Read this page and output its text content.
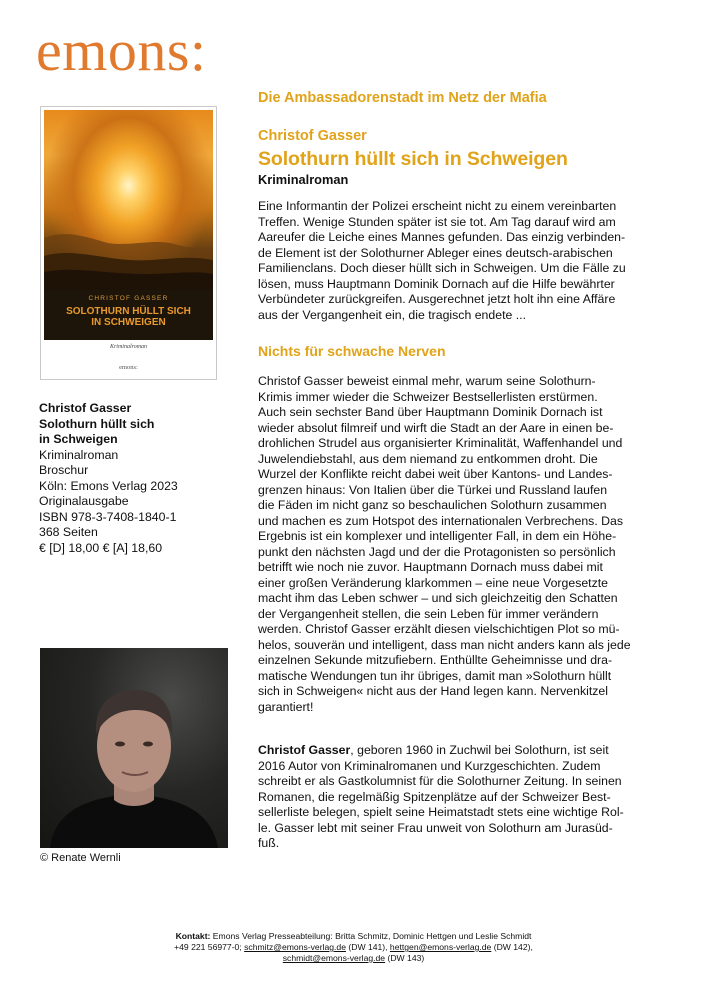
emons:
CHRISTOF GASSER
SOLOTHURN HÜLLT SICH
IN SCHWEIGEN
Kriminalroman
emons:
Christof Gasser
Solothurn hüllt sich
in Schweigen
Kriminalroman
Broschur
Köln: Emons Verlag 2023
Originalausgabe
ISBN 978-3-7408-1840-1
368 Seiten
€ [D] 18,00 € [A] 18,60
© Renate Wernli
Die Ambassadorenstadt im Netz der Mafia
Christof Gasser
Solothurn hüllt sich in Schweigen
Kriminalroman

Eine Informantin der Polizei erscheint nicht zu einem vereinbarten

Treffen. Wenige Stunden später ist sie tot. Am Tag darauf wird am

Aareufer die Leiche eines Mannes gefunden. Das einzig verbinden-

de Element ist der Solothurner Ableger eines deutsch-arabischen

Familienclans. Doch dieser hüllt sich in Schweigen. Um die Fälle zu

lösen, muss Hauptmann Dominik Dornach auf die Hilfe bewährter

Verbündeter zurückgreifen. Ausgerechnet jetzt holt ihn eine Affäre

aus der Vergangenheit ein, die tragisch endete ...

Nichts für schwache Nerven

Christof Gasser beweist einmal mehr, warum seine Solothurn-

Krimis immer wieder die Schweizer Bestsellerlisten erstürmen.

Auch sein sechster Band über Hauptmann Dominik Dornach ist

wieder absolut filmreif und wirft die Stadt an der Aare in einen be-

drohlichen Strudel aus organisierter Kriminalität, Waffenhandel und

Juwelendiebstahl, aus dem niemand zu entkommen droht. Die

Wurzel der Konflikte reicht dabei weit über Kantons- und Landes-

grenzen hinaus: Von Italien über die Türkei und Russland laufen

die Fäden im nicht ganz so beschaulichen Solothurn zusammen

und machen es zum Hotspot des internationalen Verbrechens. Das

Ergebnis ist ein komplexer und intelligenter Fall, in dem ein Höhe-

punkt den nächsten Jagd und der die Protagonisten so persönlich

betrifft wie noch nie zuvor. Hauptmann Dornach muss dabei mit

einer großen Veränderung klarkommen – eine neue Vorgesetzte

macht ihm das Leben schwer – und sich gleichzeitig den Schatten

der Vergangenheit stellen, die sein Leben für immer verändern

werden. Christof Gasser erzählt diesen vielschichtigen Plot so mü-

helos, souverän und intelligent, dass man nicht anders kann als jede

einzelnen Sekunde mitzufiebern. Enthüllte Geheimnisse und dra-

matische Wendungen tun ihr übriges, damit man »Solothurn hüllt

sich in Schweigen« nicht aus der Hand legen kann. Nervenkitzel

garantiert!

Christof Gasser, geboren 1960 in Zuchwil bei Solothurn, ist seit

2016 Autor von Kriminalromanen und Kurzgeschichten. Zudem

schreibt er als Gastkolumnist für die Solothurner Zeitung. In seinen

Romanen, die regelmäßig Spitzenplätze auf der Schweizer Best-

sellerliste belegen, spielt seine Heimatstadt stets eine wichtige Rol-

le. Gasser lebt mit seiner Frau unweit von Solothurn am Jurasüd-

fuß.

Kontakt: Emons Verlag Presseabteilung: Britta Schmitz, Dominic Hettgen und Leslie Schmidt
+49 221 56977-0; schmitz@emons-verlag.de (DW 141), hettgen@emons-verlag.de (DW 142),
schmidt@emons-verlag.de (DW 143)
